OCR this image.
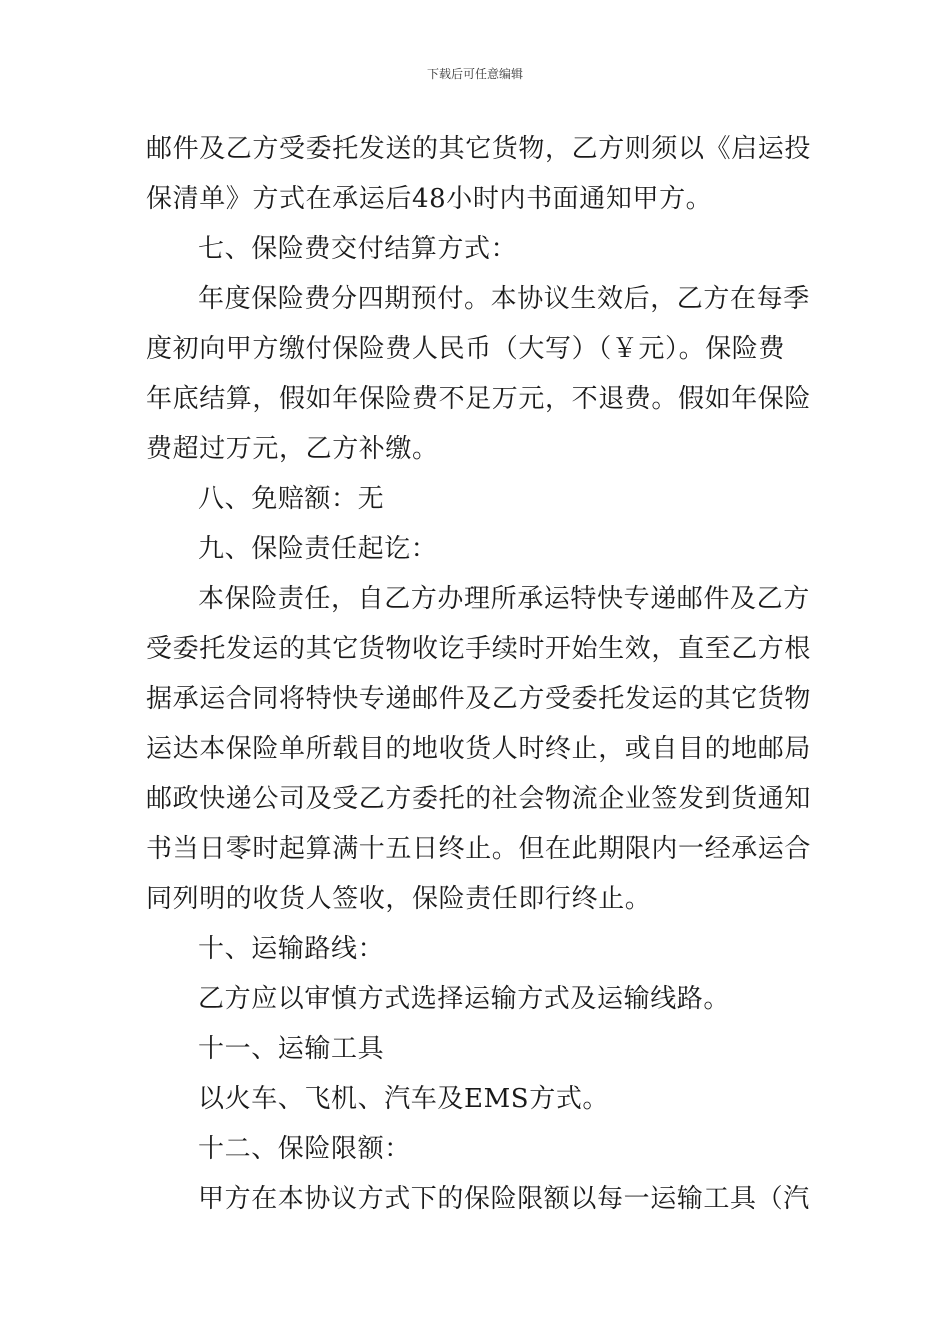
下载后可任意编辑
邮件及乙方受委托发送的其它货物，乙方则须以《启运投
保清单》方式在承运后48小时内书面通知甲方。
七、保险费交付结算方式：
年度保险费分四期预付。本协议生效后，乙方在每季
度初向甲方缴付保险费人民币（大写）（￥元）。保险费
年底结算，假如年保险费不足万元，不退费。假如年保险
费超过万元，乙方补缴。
八、免赔额：无
九、保险责任起讫：
本保险责任，自乙方办理所承运特快专递邮件及乙方
受委托发运的其它货物收讫手续时开始生效，直至乙方根
据承运合同将特快专递邮件及乙方受委托发运的其它货物
运达本保险单所载目的地收货人时终止，或自目的地邮局
邮政快递公司及受乙方委托的社会物流企业签发到货通知
书当日零时起算满十五日终止。但在此期限内一经承运合
同列明的收货人签收，保险责任即行终止。
十、运输路线：
乙方应以审慎方式选择运输方式及运输线路。
十一、运输工具
以火车、飞机、汽车及EMS方式。
十二、保险限额：
甲方在本协议方式下的保险限额以每一运输工具（汽
